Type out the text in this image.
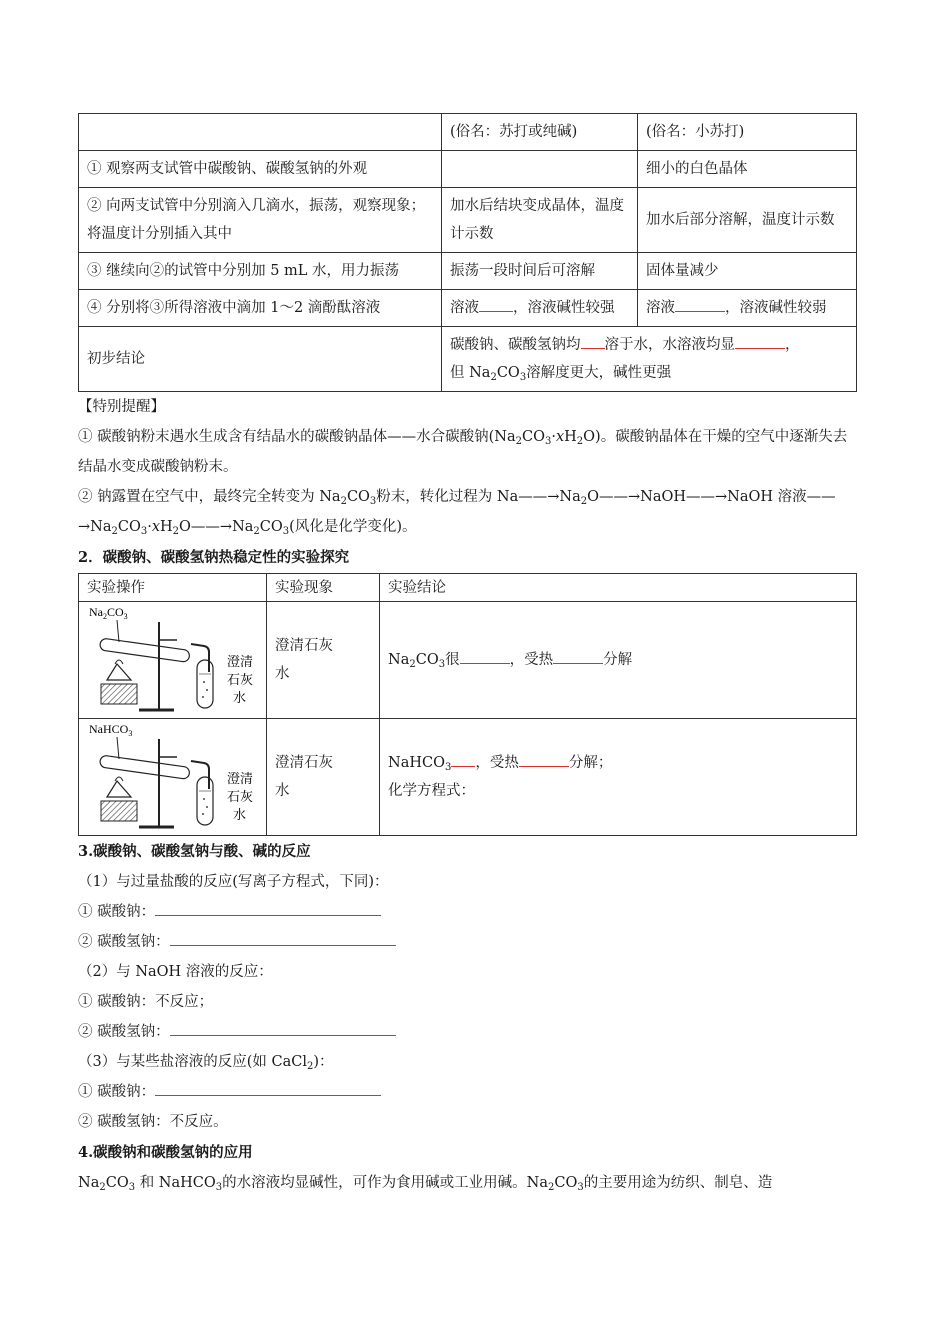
	(俗名：苏打或纯碱)	(俗名：小苏打)
① 观察两支试管中碳酸钠、碳酸氢钠的外观		细小的白色晶体
② 向两支试管中分别滴入几滴水，振荡，观察现象；将温度计分别插入其中	加水后结块变成晶体，温度计示数	加水后部分溶解，温度计示数
③ 继续向②的试管中分别加 5 mL 水，用力振荡	振荡一段时间后可溶解	固体量减少
④ 分别将③所得溶液中滴加 1～2 滴酚酞溶液	溶液 ，溶液碱性较强	溶液 ，溶液碱性较弱
初步结论	碳酸钠、碳酸氢钠均 溶于水，水溶液均显 ，
但 $Na_2CO_3$溶解度更大，碱性更强	
【特别提醒】
① 碳酸钠粉末遇水生成含有结晶水的碳酸钠晶体——水合碳酸钠$(Na_2CO_3\cdot xH_2O)$。碳酸钠晶体在干燥的空气中逐渐失去结晶水变成碳酸钠粉末。
② 钠露置在空气中，最终完全转变为 $Na_2CO_3$粉末，转化过程为 $Na——\to Na_2O——\to NaOH——\to NaOH$ 溶液$——\to Na_2CO_3\cdot xH_2O——\to Na_2CO_3$(风化是化学变化)。
2．碳酸钠、碳酸氢钠热稳定性的实验探究
实验操作	实验现象	实验结论

$Na_2CO_3$
澄清
石灰
水	澄清石灰水	$Na_2CO_3$很 ，受热 分解

NaHCO$_3$
澄清
石灰
水	澄清石灰水	NaHCO$_3$ ，受热 分解；
化学方程式：
3.碳酸钠、碳酸氢钠与酸、碱的反应
（1）与过量盐酸的反应(写离子方程式，下同)：
① 碳酸钠：
② 碳酸氢钠：
（2）与 NaOH 溶液的反应：
① 碳酸钠：不反应；
② 碳酸氢钠：
（3）与某些盐溶液的反应(如 CaCl$_2$)：
① 碳酸钠：
② 碳酸氢钠：不反应。
4.碳酸钠和碳酸氢钠的应用
$Na_2CO_3$ 和 NaHCO$_3$的水溶液均显碱性，可作为食用碱或工业用碱。$Na_2CO_3$的主要用途为纺织、制皂、造
